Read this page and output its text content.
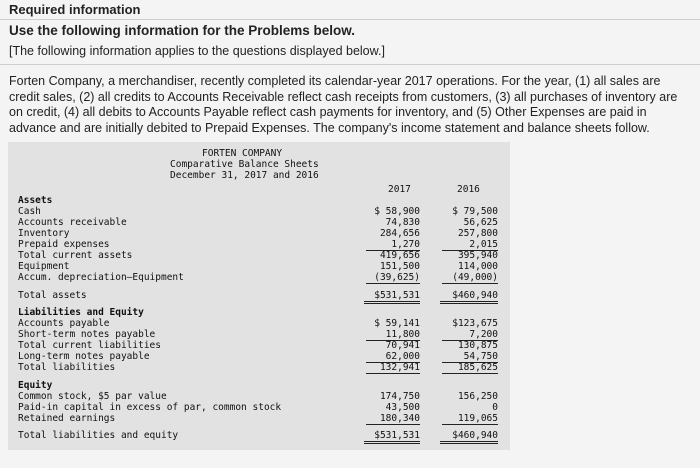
Required information
Use the following information for the Problems below.
[The following information applies to the questions displayed below.]
Forten Company, a merchandiser, recently completed its calendar-year 2017 operations. For the year, (1) all sales are credit sales, (2) all credits to Accounts Receivable reflect cash receipts from customers, (3) all purchases of inventory are on credit, (4) all debits to Accounts Payable reflect cash payments for inventory, and (5) Other Expenses are paid in advance and are initially debited to Prepaid Expenses. The company's income statement and balance sheets follow.
FORTEN COMPANY
Comparative Balance Sheets
December 31, 2017 and 2016
2017	2016
Assets
Liabilities and Equity
Equity
Cash
Accounts receivable
Inventory
Prepaid expenses
Total current assets
Equipment
Accum. depreciation—Equipment
Total assets
Accounts payable
Short-term notes payable
Total current liabilities
Long-term notes payable
Total liabilities
Common stock, $5 par value
Paid-in capital in excess of par, common stock
Retained earnings
Total liabilities and equity
$ 58,900
74,830
284,656
1,270
419,656
151,500
(39,625)
$531,531
$ 59,141
11,800
70,941
62,000
132,941
174,750
43,500
180,340
$531,531
$ 79,500
56,625
257,800
2,015
395,940
114,000
(49,000)
$460,940
$123,675
7,200
130,875
54,750
185,625
156,250
0
119,065
$460,940
